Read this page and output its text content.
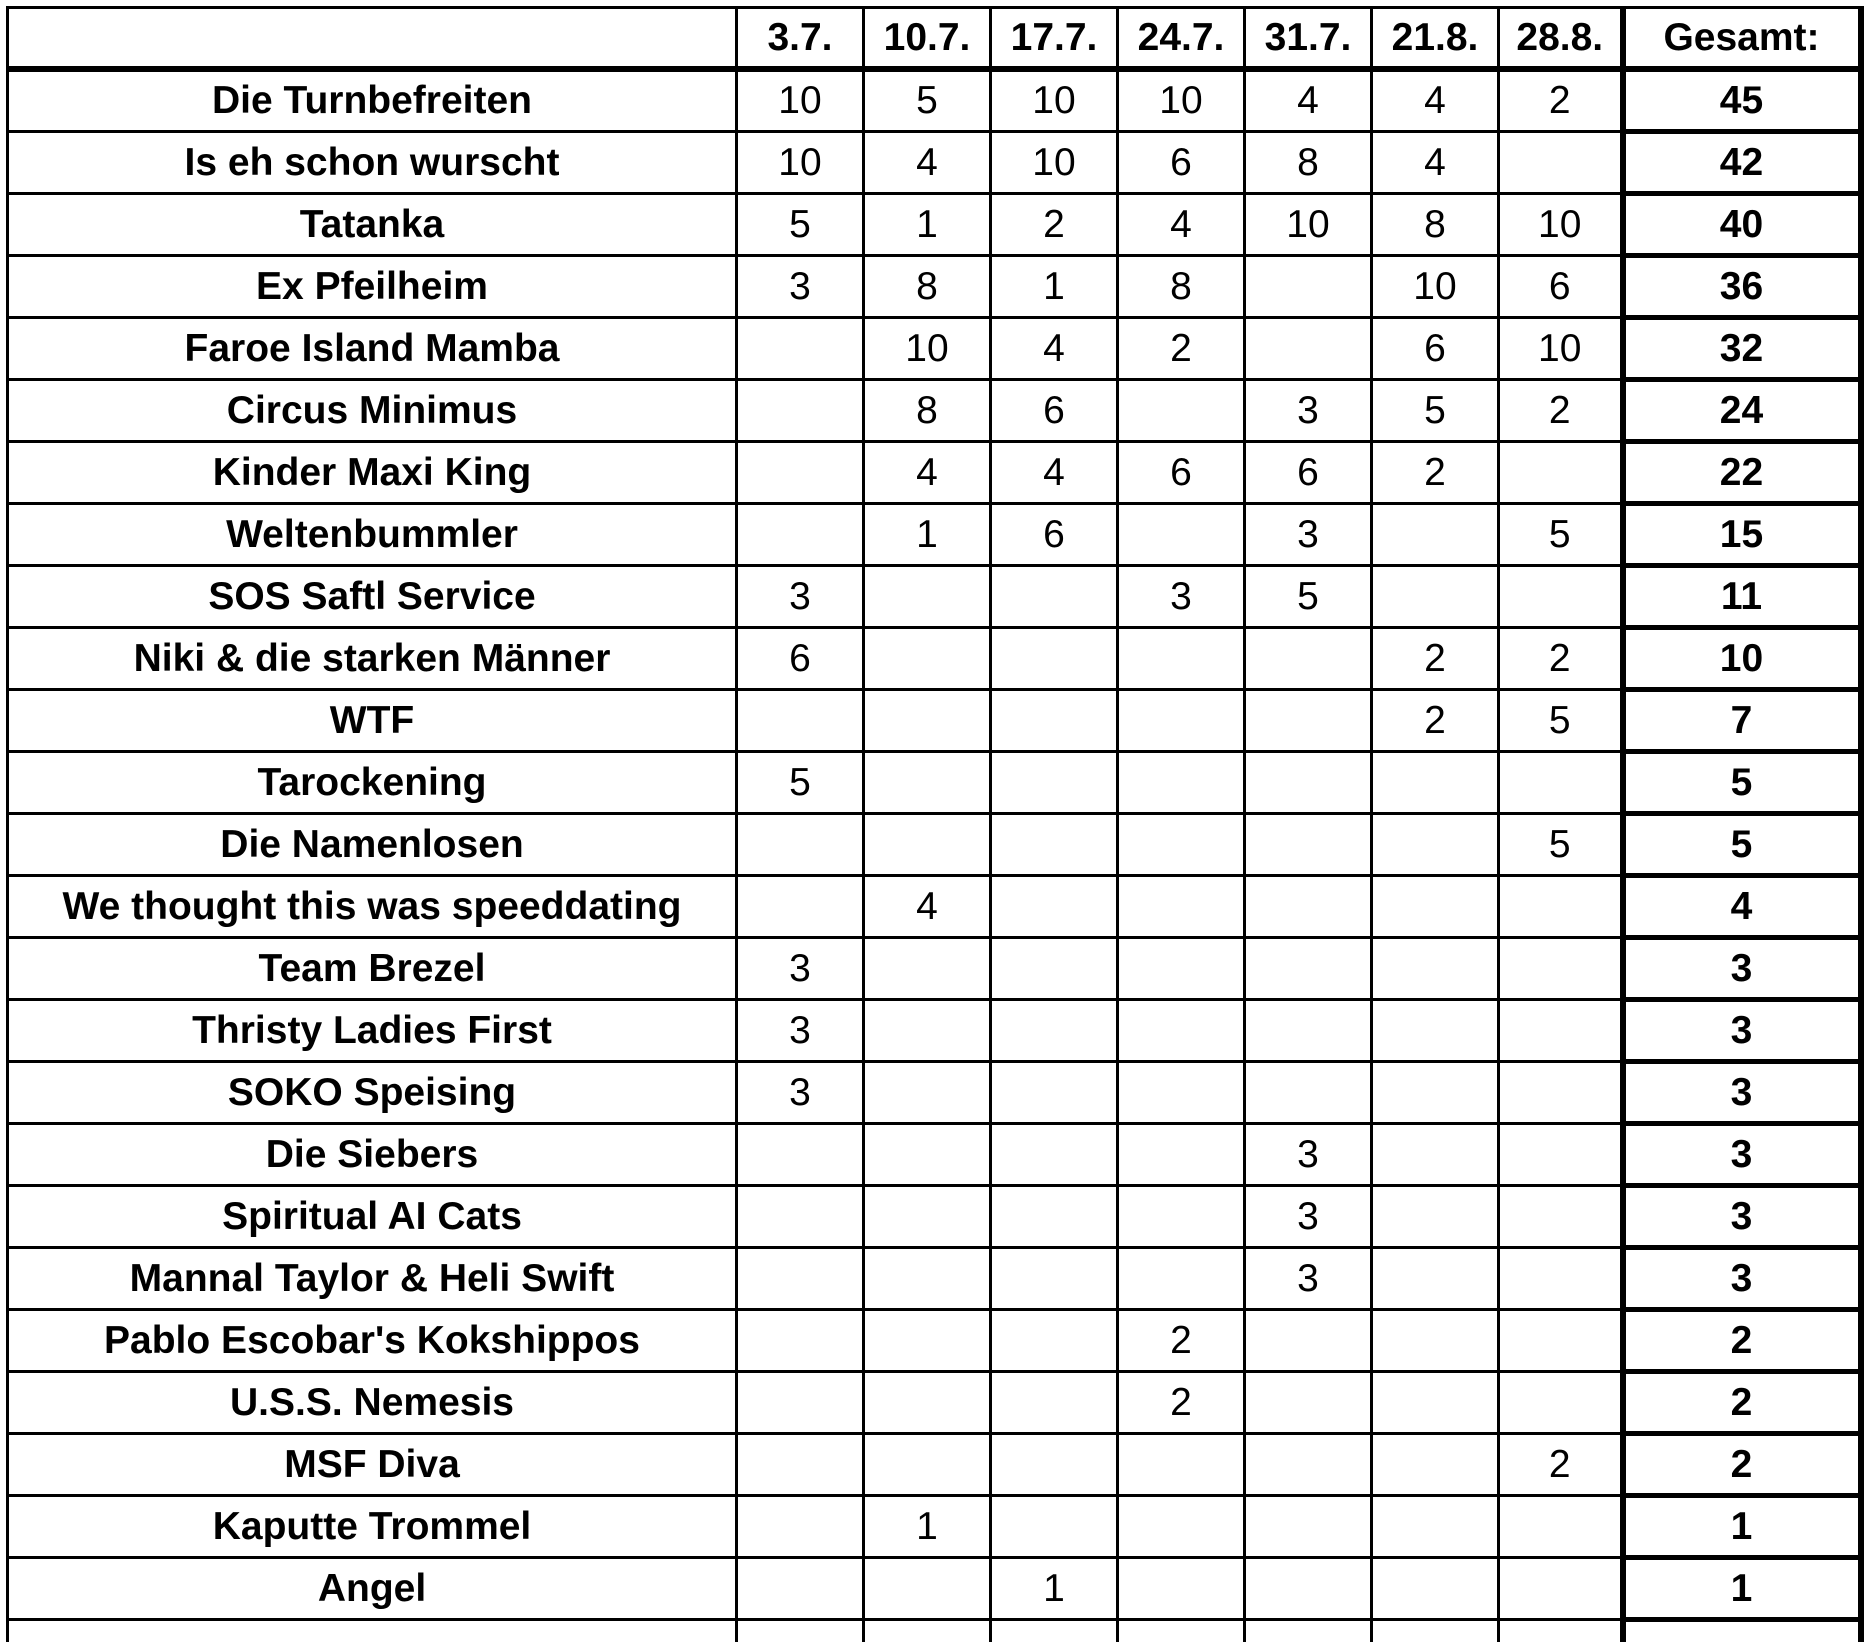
	3.7.	10.7.	17.7.	24.7.	31.7.	21.8.	28.8.	Gesamt:
Die Turnbefreiten	10	5	10	10	4	4	2	45
Is eh schon wurscht	10	4	10	6	8	4		42
Tatanka	5	1	2	4	10	8	10	40
Ex Pfeilheim	3	8	1	8		10	6	36
Faroe Island Mamba		10	4	2		6	10	32
Circus Minimus		8	6		3	5	2	24
Kinder Maxi King		4	4	6	6	2		22
Weltenbummler		1	6		3		5	15
SOS Saftl Service	3			3	5			11
Niki & die starken Männer	6					2	2	10
WTF						2	5	7
Tarockening	5							5
Die Namenlosen							5	5
We thought this was speeddating		4						4
Team Brezel	3							3
Thristy Ladies First	3							3
SOKO Speising	3							3
Die Siebers					3			3
Spiritual AI Cats					3			3
Mannal Taylor & Heli Swift					3			3
Pablo Escobar's Kokshippos				2				2
U.S.S. Nemesis				2				2
MSF Diva							2	2
Kaputte Trommel		1						1
Angel			1					1
